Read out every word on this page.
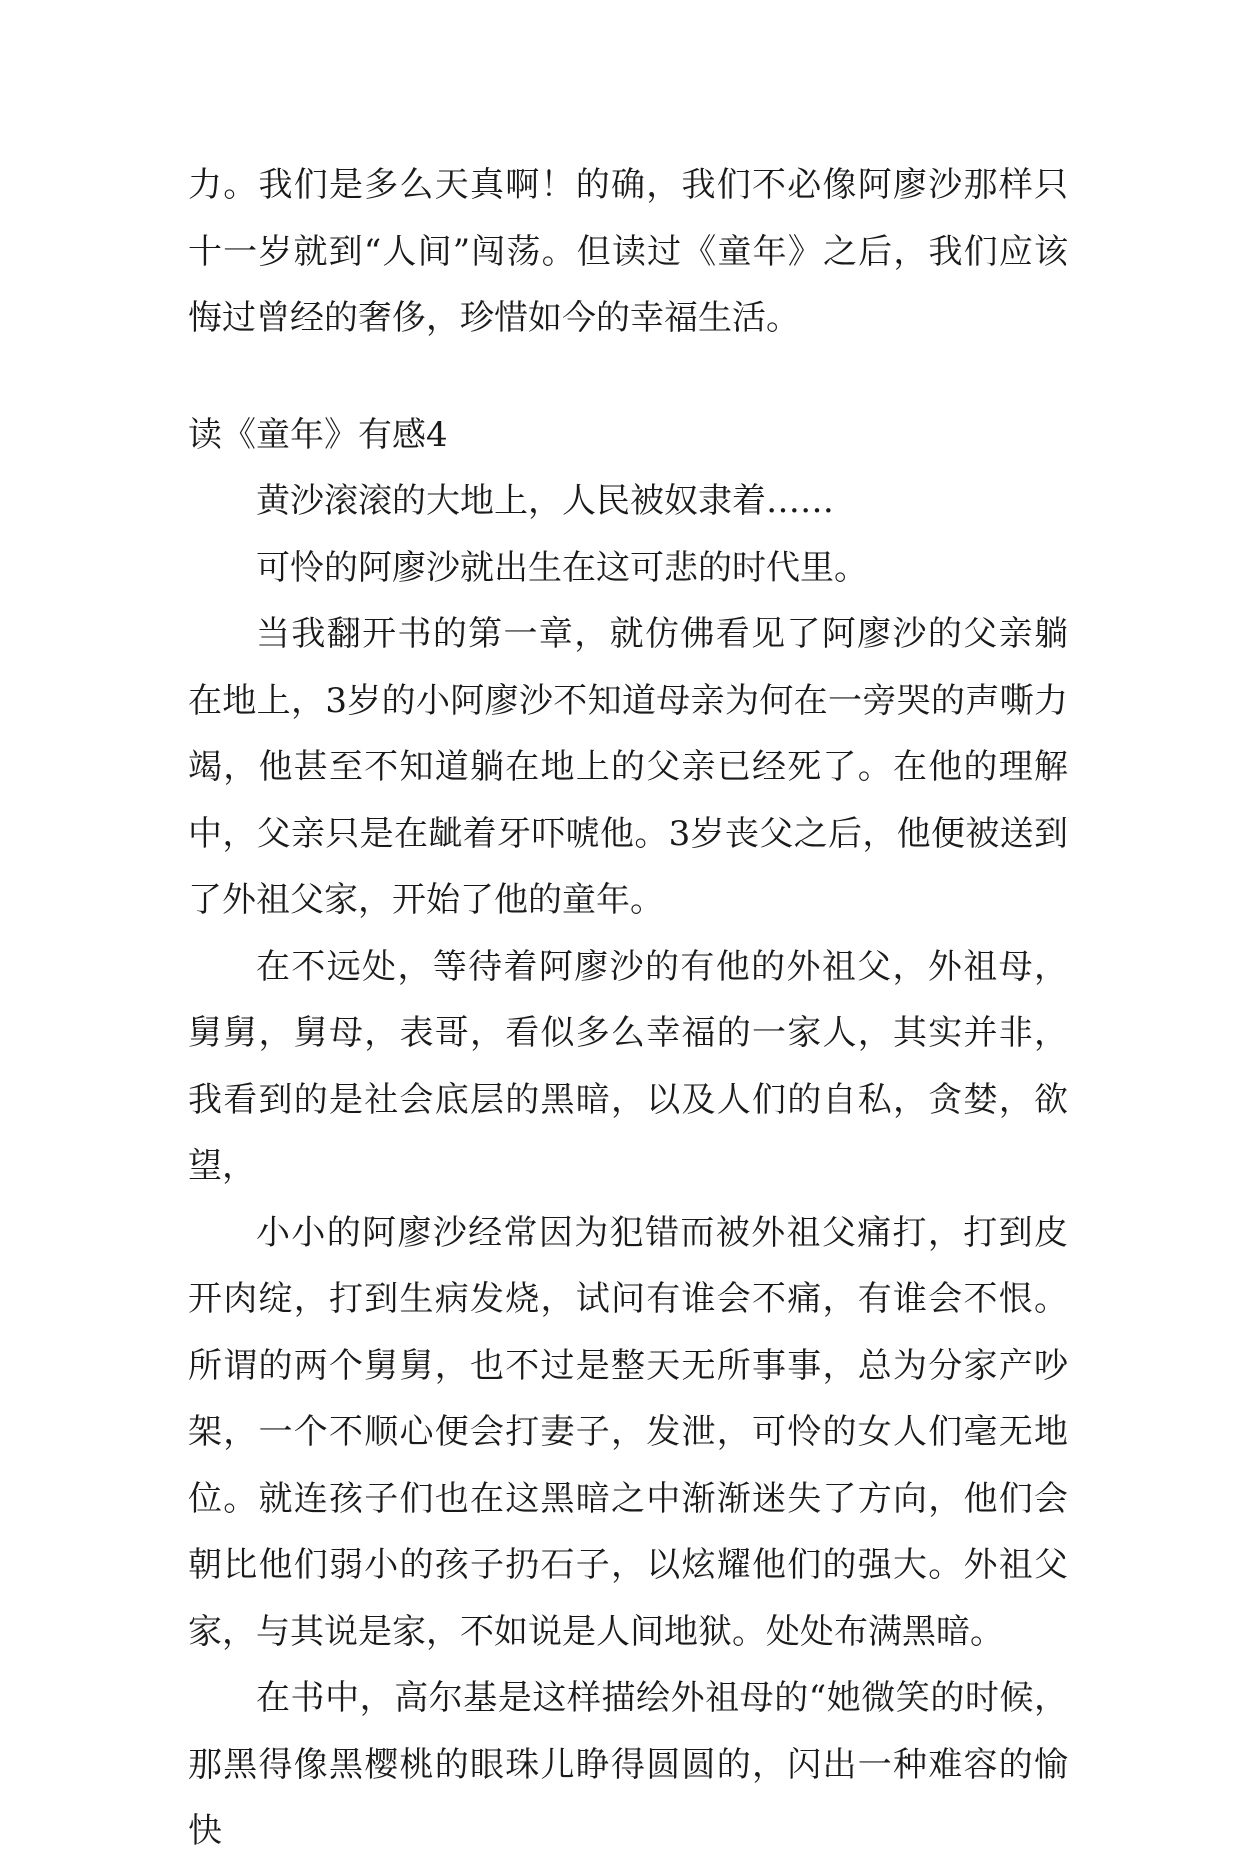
力。我们是多么天真啊！的确，我们不必像阿廖沙那样只十一岁就到“人间”闯荡。但读过《童年》之后，我们应该悔过曾经的奢侈，珍惜如今的幸福生活。

读《童年》有感4

黄沙滚滚的大地上，人民被奴隶着……

可怜的阿廖沙就出生在这可悲的时代里。

当我翻开书的第一章，就仿佛看见了阿廖沙的父亲躺在地上，3岁的小阿廖沙不知道母亲为何在一旁哭的声嘶力竭，他甚至不知道躺在地上的父亲已经死了。在他的理解中，父亲只是在龇着牙吓唬他。3岁丧父之后，他便被送到了外祖父家，开始了他的童年。

在不远处，等待着阿廖沙的有他的外祖父，外祖母，舅舅，舅母，表哥，看似多么幸福的一家人，其实并非，我看到的是社会底层的黑暗，以及人们的自私，贪婪，欲望，

小小的阿廖沙经常因为犯错而被外祖父痛打，打到皮开肉绽，打到生病发烧，试问有谁会不痛，有谁会不恨。所谓的两个舅舅，也不过是整天无所事事，总为分家产吵架，一个不顺心便会打妻子，发泄，可怜的女人们毫无地位。就连孩子们也在这黑暗之中渐渐迷失了方向，他们会朝比他们弱小的孩子扔石子，以炫耀他们的强大。外祖父家，与其说是家，不如说是人间地狱。处处布满黑暗。

在书中，高尔基是这样描绘外祖母的“她微笑的时候，那黑得像黑樱桃的眼珠儿睁得圆圆的，闪出一种难容的愉快
